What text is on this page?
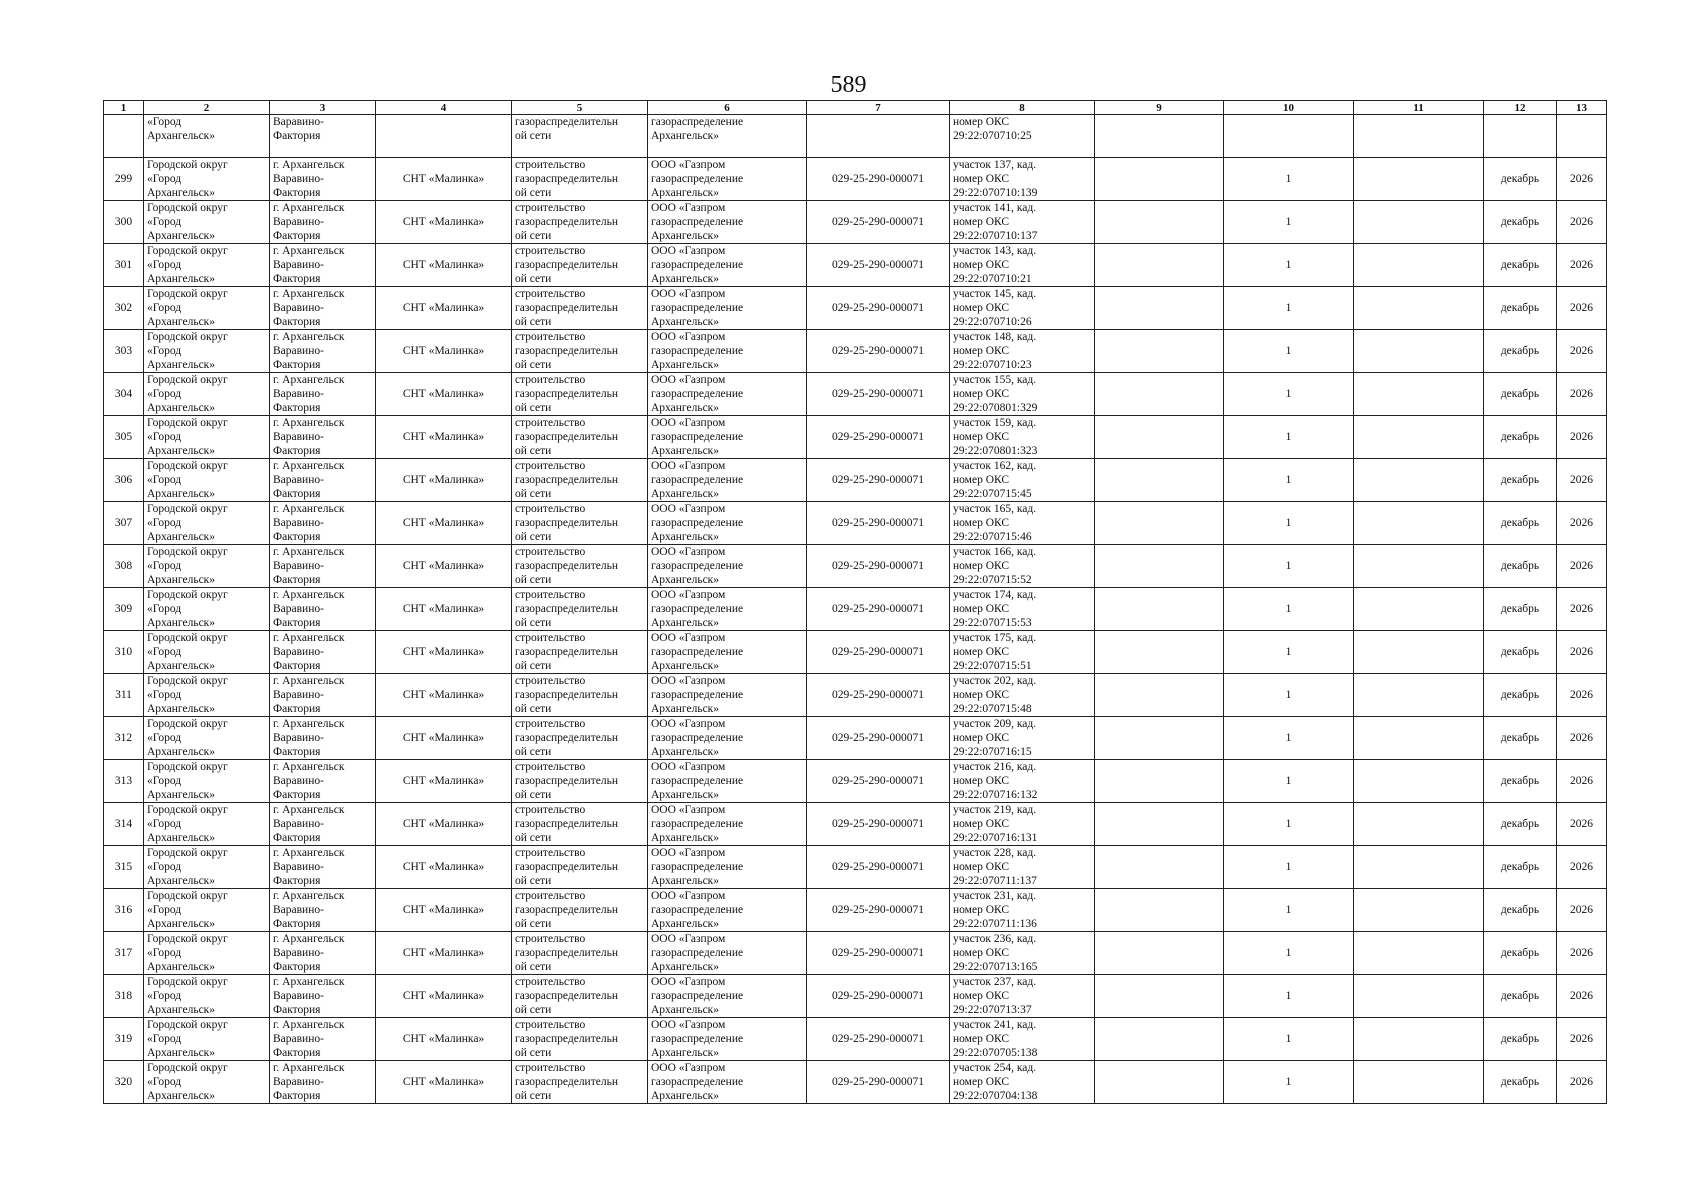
589
1	2	3	4	5	6	7	8	9	10	11	12	13
	«Город
Архангельск»	Варавино-
Фактория		газораспределительн
ой сети	газораспределение
Архангельск»		номер ОКС
29:22:070710:25					
299	Городской округ
«Город
Архангельск»	г. Архангельск
Варавино-
Фактория	СНТ «Малинка»	строительство
газораспределительн
ой сети	ООО «Газпром
газораспределение
Архангельск»	029-25-290-000071	участок 137, кад.
номер ОКС
29:22:070710:139		1		декабрь	2026
300	Городской округ
«Город
Архангельск»	г. Архангельск
Варавино-
Фактория	СНТ «Малинка»	строительство
газораспределительн
ой сети	ООО «Газпром
газораспределение
Архангельск»	029-25-290-000071	участок 141, кад.
номер ОКС
29:22:070710:137		1		декабрь	2026
301	Городской округ
«Город
Архангельск»	г. Архангельск
Варавино-
Фактория	СНТ «Малинка»	строительство
газораспределительн
ой сети	ООО «Газпром
газораспределение
Архангельск»	029-25-290-000071	участок 143, кад.
номер ОКС
29:22:070710:21		1		декабрь	2026
302	Городской округ
«Город
Архангельск»	г. Архангельск
Варавино-
Фактория	СНТ «Малинка»	строительство
газораспределительн
ой сети	ООО «Газпром
газораспределение
Архангельск»	029-25-290-000071	участок 145, кад.
номер ОКС
29:22:070710:26		1		декабрь	2026
303	Городской округ
«Город
Архангельск»	г. Архангельск
Варавино-
Фактория	СНТ «Малинка»	строительство
газораспределительн
ой сети	ООО «Газпром
газораспределение
Архангельск»	029-25-290-000071	участок 148, кад.
номер ОКС
29:22:070710:23		1		декабрь	2026
304	Городской округ
«Город
Архангельск»	г. Архангельск
Варавино-
Фактория	СНТ «Малинка»	строительство
газораспределительн
ой сети	ООО «Газпром
газораспределение
Архангельск»	029-25-290-000071	участок 155, кад.
номер ОКС
29:22:070801:329		1		декабрь	2026
305	Городской округ
«Город
Архангельск»	г. Архангельск
Варавино-
Фактория	СНТ «Малинка»	строительство
газораспределительн
ой сети	ООО «Газпром
газораспределение
Архангельск»	029-25-290-000071	участок 159, кад.
номер ОКС
29:22:070801:323		1		декабрь	2026
306	Городской округ
«Город
Архангельск»	г. Архангельск
Варавино-
Фактория	СНТ «Малинка»	строительство
газораспределительн
ой сети	ООО «Газпром
газораспределение
Архангельск»	029-25-290-000071	участок 162, кад.
номер ОКС
29:22:070715:45		1		декабрь	2026
307	Городской округ
«Город
Архангельск»	г. Архангельск
Варавино-
Фактория	СНТ «Малинка»	строительство
газораспределительн
ой сети	ООО «Газпром
газораспределение
Архангельск»	029-25-290-000071	участок 165, кад.
номер ОКС
29:22:070715:46		1		декабрь	2026
308	Городской округ
«Город
Архангельск»	г. Архангельск
Варавино-
Фактория	СНТ «Малинка»	строительство
газораспределительн
ой сети	ООО «Газпром
газораспределение
Архангельск»	029-25-290-000071	участок 166, кад.
номер ОКС
29:22:070715:52		1		декабрь	2026
309	Городской округ
«Город
Архангельск»	г. Архангельск
Варавино-
Фактория	СНТ «Малинка»	строительство
газораспределительн
ой сети	ООО «Газпром
газораспределение
Архангельск»	029-25-290-000071	участок 174, кад.
номер ОКС
29:22:070715:53		1		декабрь	2026
310	Городской округ
«Город
Архангельск»	г. Архангельск
Варавино-
Фактория	СНТ «Малинка»	строительство
газораспределительн
ой сети	ООО «Газпром
газораспределение
Архангельск»	029-25-290-000071	участок 175, кад.
номер ОКС
29:22:070715:51		1		декабрь	2026
311	Городской округ
«Город
Архангельск»	г. Архангельск
Варавино-
Фактория	СНТ «Малинка»	строительство
газораспределительн
ой сети	ООО «Газпром
газораспределение
Архангельск»	029-25-290-000071	участок 202, кад.
номер ОКС
29:22:070715:48		1		декабрь	2026
312	Городской округ
«Город
Архангельск»	г. Архангельск
Варавино-
Фактория	СНТ «Малинка»	строительство
газораспределительн
ой сети	ООО «Газпром
газораспределение
Архангельск»	029-25-290-000071	участок 209, кад.
номер ОКС
29:22:070716:15		1		декабрь	2026
313	Городской округ
«Город
Архангельск»	г. Архангельск
Варавино-
Фактория	СНТ «Малинка»	строительство
газораспределительн
ой сети	ООО «Газпром
газораспределение
Архангельск»	029-25-290-000071	участок 216, кад.
номер ОКС
29:22:070716:132		1		декабрь	2026
314	Городской округ
«Город
Архангельск»	г. Архангельск
Варавино-
Фактория	СНТ «Малинка»	строительство
газораспределительн
ой сети	ООО «Газпром
газораспределение
Архангельск»	029-25-290-000071	участок 219, кад.
номер ОКС
29:22:070716:131		1		декабрь	2026
315	Городской округ
«Город
Архангельск»	г. Архангельск
Варавино-
Фактория	СНТ «Малинка»	строительство
газораспределительн
ой сети	ООО «Газпром
газораспределение
Архангельск»	029-25-290-000071	участок 228, кад.
номер ОКС
29:22:070711:137		1		декабрь	2026
316	Городской округ
«Город
Архангельск»	г. Архангельск
Варавино-
Фактория	СНТ «Малинка»	строительство
газораспределительн
ой сети	ООО «Газпром
газораспределение
Архангельск»	029-25-290-000071	участок 231, кад.
номер ОКС
29:22:070711:136		1		декабрь	2026
317	Городской округ
«Город
Архангельск»	г. Архангельск
Варавино-
Фактория	СНТ «Малинка»	строительство
газораспределительн
ой сети	ООО «Газпром
газораспределение
Архангельск»	029-25-290-000071	участок 236, кад.
номер ОКС
29:22:070713:165		1		декабрь	2026
318	Городской округ
«Город
Архангельск»	г. Архангельск
Варавино-
Фактория	СНТ «Малинка»	строительство
газораспределительн
ой сети	ООО «Газпром
газораспределение
Архангельск»	029-25-290-000071	участок 237, кад.
номер ОКС
29:22:070713:37		1		декабрь	2026
319	Городской округ
«Город
Архангельск»	г. Архангельск
Варавино-
Фактория	СНТ «Малинка»	строительство
газораспределительн
ой сети	ООО «Газпром
газораспределение
Архангельск»	029-25-290-000071	участок 241, кад.
номер ОКС
29:22:070705:138		1		декабрь	2026
320	Городской округ
«Город
Архангельск»	г. Архангельск
Варавино-
Фактория	СНТ «Малинка»	строительство
газораспределительн
ой сети	ООО «Газпром
газораспределение
Архангельск»	029-25-290-000071	участок 254, кад.
номер ОКС
29:22:070704:138		1		декабрь	2026
